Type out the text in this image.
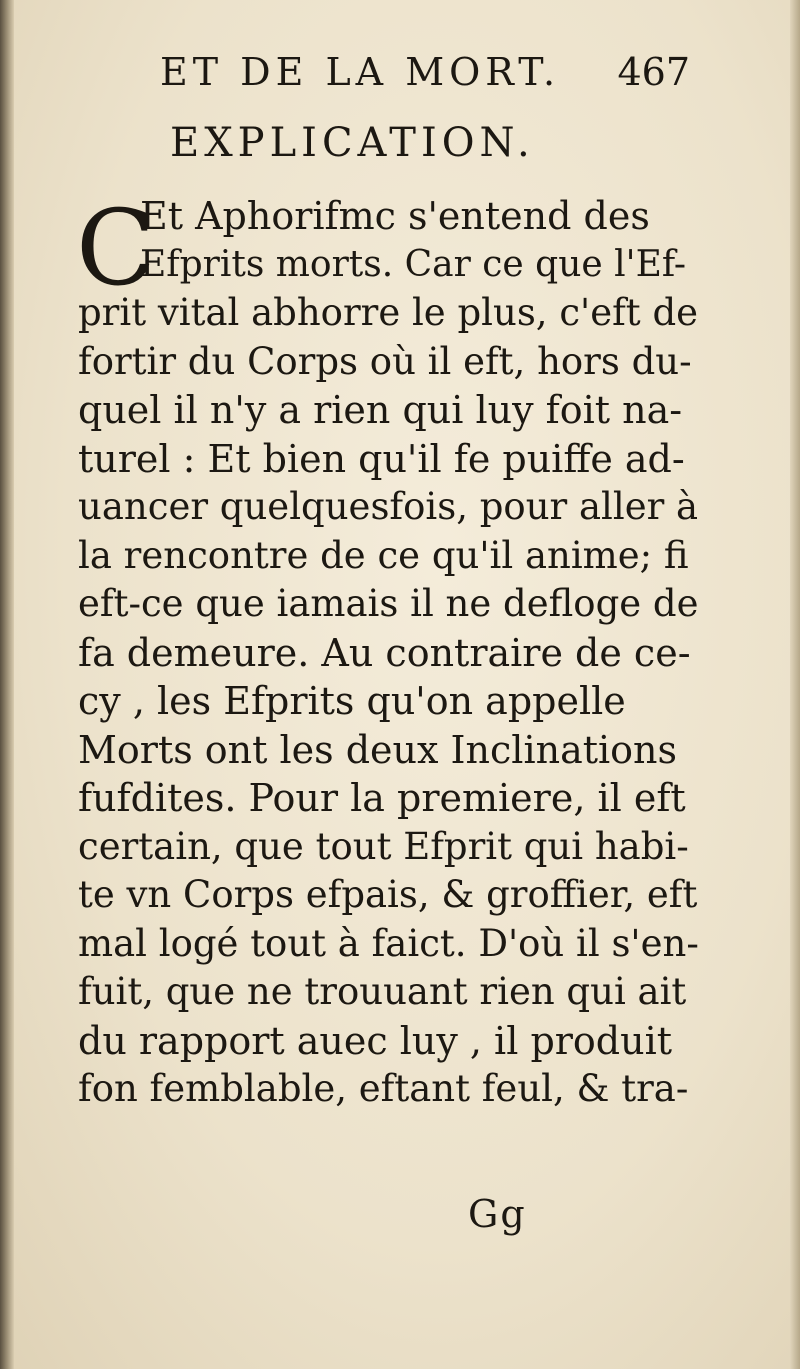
ET DE LA MORT. 467
EXPLICATION.
C
Et Aphorifmc s'entend des
Efprits morts. Car ce que l'Ef-
prit vital abhorre le plus, c'eft de
fortir du Corps où il eft, hors du-
quel il n'y a rien qui luy foit na-
turel : Et bien qu'il fe puiffe ad-
uancer quelquesfois, pour aller à
la rencontre de ce qu'il anime; fi
eft-ce que iamais il ne defloge de
fa demeure. Au contraire de ce-
cy , les Efprits qu'on appelle
Morts ont les deux Inclinations
fufdites. Pour la premiere, il eft
certain, que tout Efprit qui habi-
te vn Corps efpais, & groffier, eft
mal logé tout à faict. D'où il s'en-
fuit, que ne trouuant rien qui ait
du rapport auec luy , il produit
fon femblable, eftant feul, & tra-
Gg
